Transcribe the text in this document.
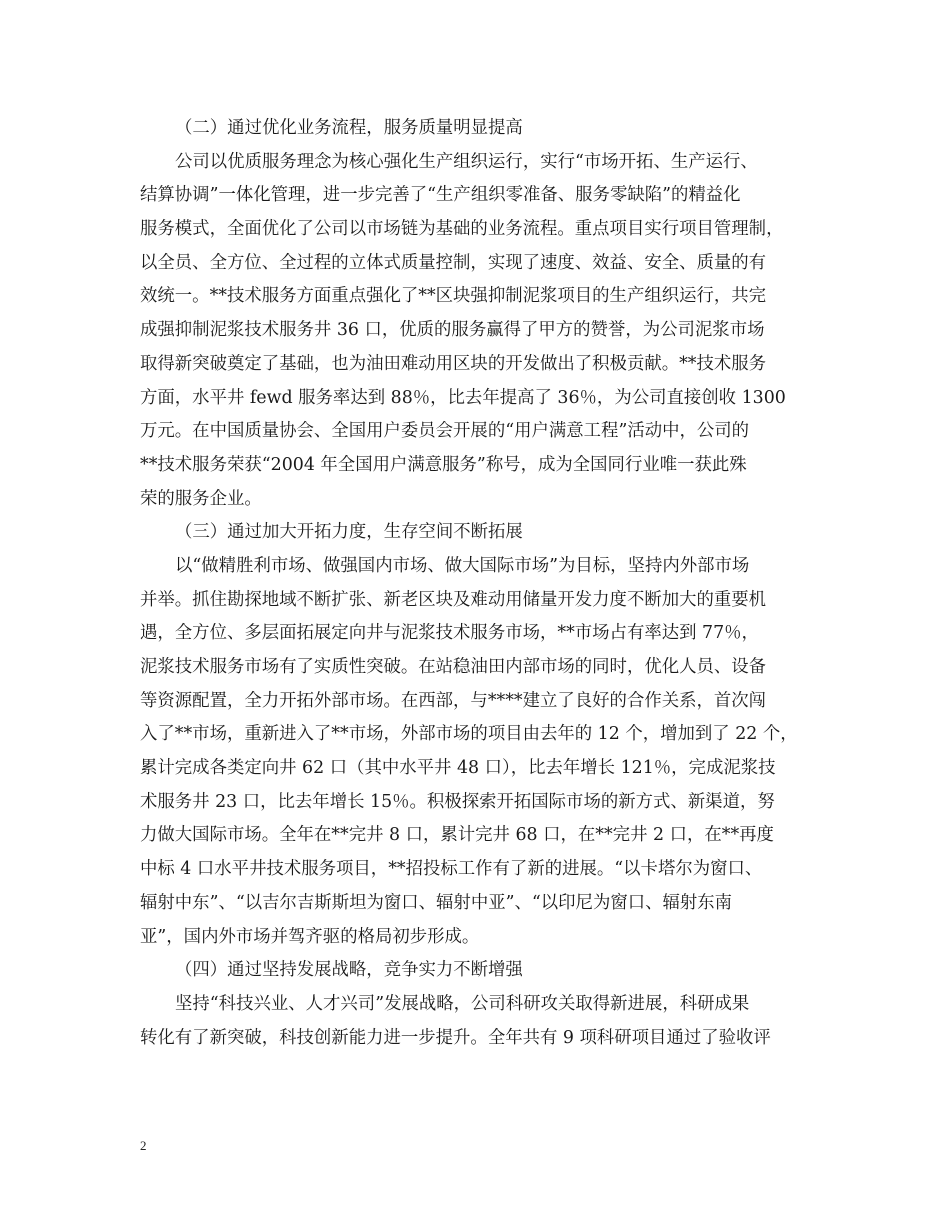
（二）通过优化业务流程，服务质量明显提高
公司以优质服务理念为核心强化生产组织运行，实行“市场开拓、生产运行、
结算协调”一体化管理，进一步完善了“生产组织零准备、服务零缺陷”的精益化
服务模式，全面优化了公司以市场链为基础的业务流程。重点项目实行项目管理制，
以全员、全方位、全过程的立体式质量控制，实现了速度、效益、安全、质量的有
效统一。**技术服务方面重点强化了**区块强抑制泥浆项目的生产组织运行，共完
成强抑制泥浆技术服务井 36 口，优质的服务赢得了甲方的赞誉，为公司泥浆市场
取得新突破奠定了基础，也为油田难动用区块的开发做出了积极贡献。**技术服务
方面，水平井 fewd 服务率达到 88％，比去年提高了 36％，为公司直接创收 1300
万元。在中国质量协会、全国用户委员会开展的“用户满意工程”活动中，公司的
**技术服务荣获“2004 年全国用户满意服务”称号，成为全国同行业唯一获此殊
荣的服务企业。
（三）通过加大开拓力度，生存空间不断拓展
以“做精胜利市场、做强国内市场、做大国际市场”为目标，坚持内外部市场
并举。抓住勘探地域不断扩张、新老区块及难动用储量开发力度不断加大的重要机
遇，全方位、多层面拓展定向井与泥浆技术服务市场，**市场占有率达到 77％，
泥浆技术服务市场有了实质性突破。在站稳油田内部市场的同时，优化人员、设备
等资源配置，全力开拓外部市场。在西部，与****建立了良好的合作关系，首次闯
入了**市场，重新进入了**市场，外部市场的项目由去年的 12 个，增加到了 22 个，
累计完成各类定向井 62 口（其中水平井 48 口），比去年增长 121％，完成泥浆技
术服务井 23 口，比去年增长 15％。积极探索开拓国际市场的新方式、新渠道，努
力做大国际市场。全年在**完井 8 口，累计完井 68 口，在**完井 2 口，在**再度
中标 4 口水平井技术服务项目，**招投标工作有了新的进展。“以卡塔尔为窗口、
辐射中东”、“以吉尔吉斯斯坦为窗口、辐射中亚”、“以印尼为窗口、辐射东南
亚”，国内外市场并驾齐驱的格局初步形成。
（四）通过坚持发展战略，竞争实力不断增强
坚持“科技兴业、人才兴司”发展战略，公司科研攻关取得新进展，科研成果
转化有了新突破，科技创新能力进一步提升。全年共有 9 项科研项目通过了验收评
2
